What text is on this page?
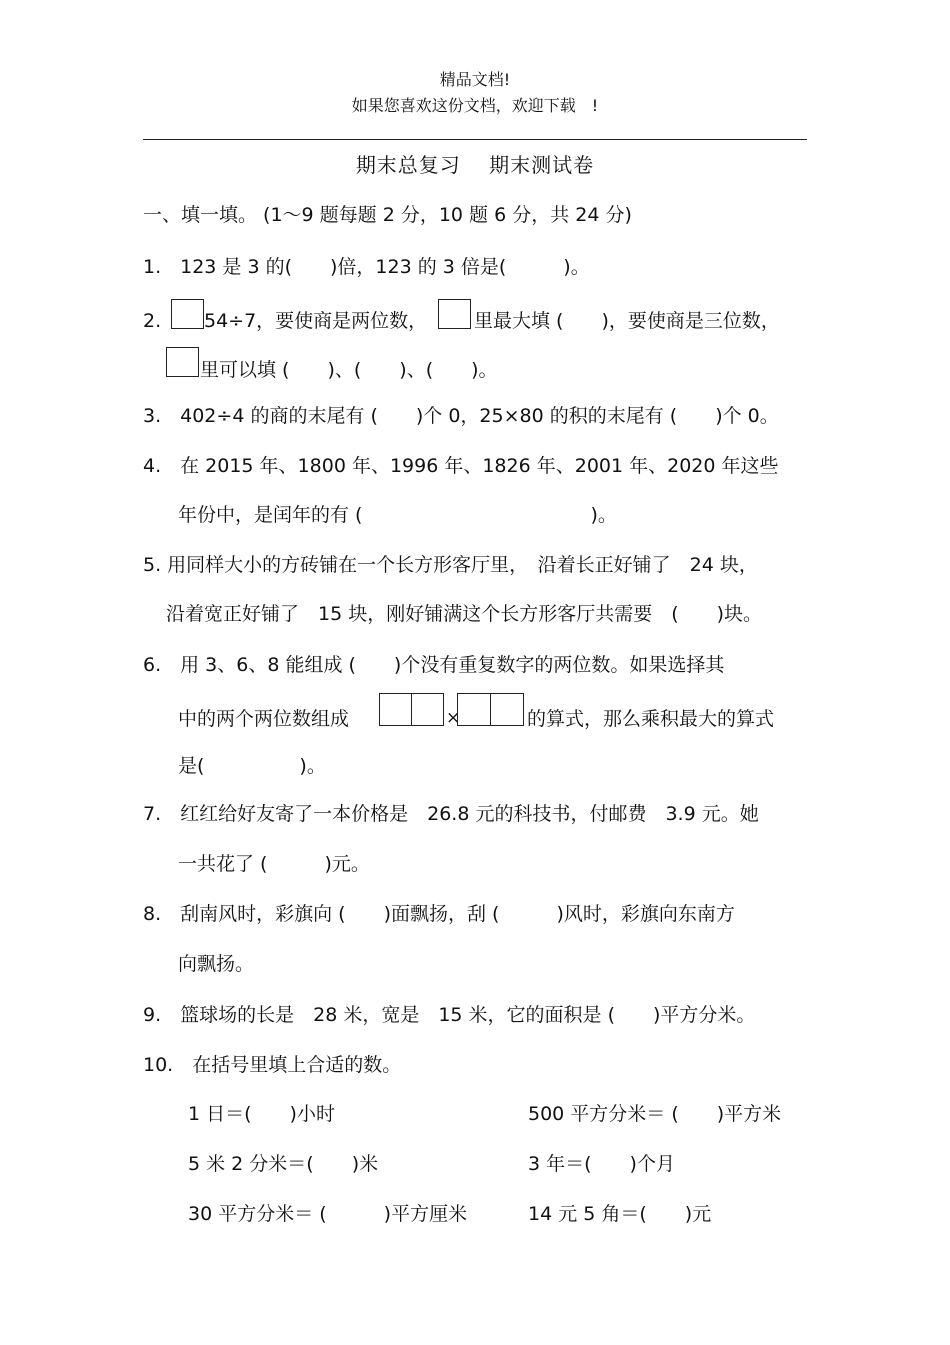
精品文档!
如果您喜欢这份文档，欢迎下载　!
期末总复习　 期末测试卷
一、填一填。 (1～9 题每题 2 分，10 题 6 分，共 24 分)
1.　123 是 3 的(　　)倍，123 的 3 倍是(　　　)。
2. 54÷7，要使商是两位数， 里最大填 (　　)，要使商是三位数，
里可以填 (　　)、(　　)、(　　)。
3.　402÷4 的商的末尾有 (　　)个 0，25×80 的积的末尾有 (　　)个 0。
4.　在 2015 年、1800 年、1996 年、1826 年、2001 年、2020 年这些
年份中，是闰年的有 (　　　　　　　　　　　　)。
5. 用同样大小的方砖铺在一个长方形客厅里，　沿着长正好铺了　24 块，
沿着宽正好铺了　15 块，刚好铺满这个长方形客厅共需要　(　　)块。
6.　用 3、6、8 能组成 (　　)个没有重复数字的两位数。如果选择其
中的两个两位数组成	×	的算式，那么乘积最大的算式
是(　　　　　)。
7.　红红给好友寄了一本价格是　26.8 元的科技书，付邮费　3.9 元。她
一共花了 (　　　)元。
8.　刮南风时，彩旗向 (　　)面飘扬，刮 (　　　)风时，彩旗向东南方
向飘扬。
9.　篮球场的长是　28 米，宽是　15 米，它的面积是 (　　)平方分米。
10.　在括号里填上合适的数。
1 日＝(　　)小时	500 平方分米＝ (　　)平方米
5 米 2 分米＝(　　)米	3 年＝(　　)个月
30 平方分米＝ (　　　)平方厘米	14 元 5 角＝(　　)元
